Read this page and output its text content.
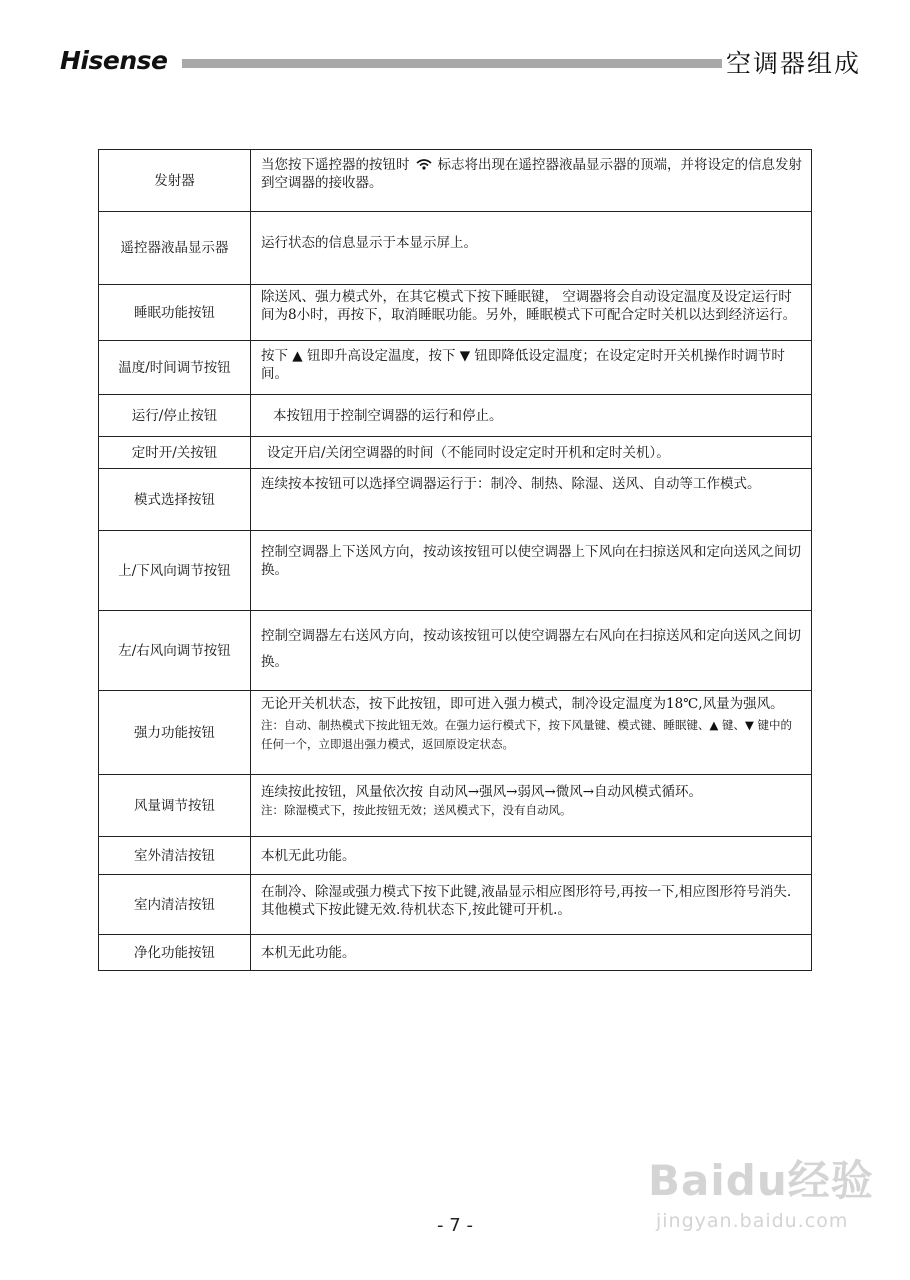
Hisense	空调器组成
发射器	当您按下遥控器的按钮时 标志将出现在遥控器液晶显示器的顶端，并将设定的信息发射到空调器的接收器。
遥控器液晶显示器	运行状态的信息显示于本显示屏上。
睡眠功能按钮	除送风、强力模式外，在其它模式下按下睡眠键， 空调器将会自动设定温度及设定运行时间为8小时，再按下，取消睡眠功能。另外，睡眠模式下可配合定时关机以达到经济运行。
温度/时间调节按钮	按下 ▲ 钮即升高设定温度，按下 ▼ 钮即降低设定温度；在设定定时开关机操作时调节时间。
运行/停止按钮	本按钮用于控制空调器的运行和停止。
定时开/关按钮	设定开启/关闭空调器的时间（不能同时设定定时开机和定时关机）。
模式选择按钮	连续按本按钮可以选择空调器运行于：制冷、制热、除湿、送风、自动等工作模式。
上/下风向调节按钮	控制空调器上下送风方向，按动该按钮可以使空调器上下风向在扫掠送风和定向送风之间切换。
左/右风向调节按钮	控制空调器左右送风方向，按动该按钮可以使空调器左右风向在扫掠送风和定向送风之间切换。
强力功能按钮	无论开关机状态，按下此按钮，即可进入强力模式，制冷设定温度为18℃,风量为强风。
注：自动、制热模式下按此钮无效。在强力运行模式下，按下风量键、模式键、睡眠键、▲ 键、▼ 键中的任何一个，立即退出强力模式，返回原设定状态。

风量调节按钮	连续按此按钮，风量依次按 自动风→强风→弱风→微风→自动风模式循环。
注：除湿模式下，按此按钮无效；送风模式下，没有自动风。

室外清洁按钮	本机无此功能。
室内清洁按钮	在制冷、除湿或强力模式下按下此键,液晶显示相应图形符号,再按一下,相应图形符号消失.其他模式下按此键无效.待机状态下,按此键可开机.。
净化功能按钮	本机无此功能。
Baidu经验
jingyan.baidu.com
- 7 -
